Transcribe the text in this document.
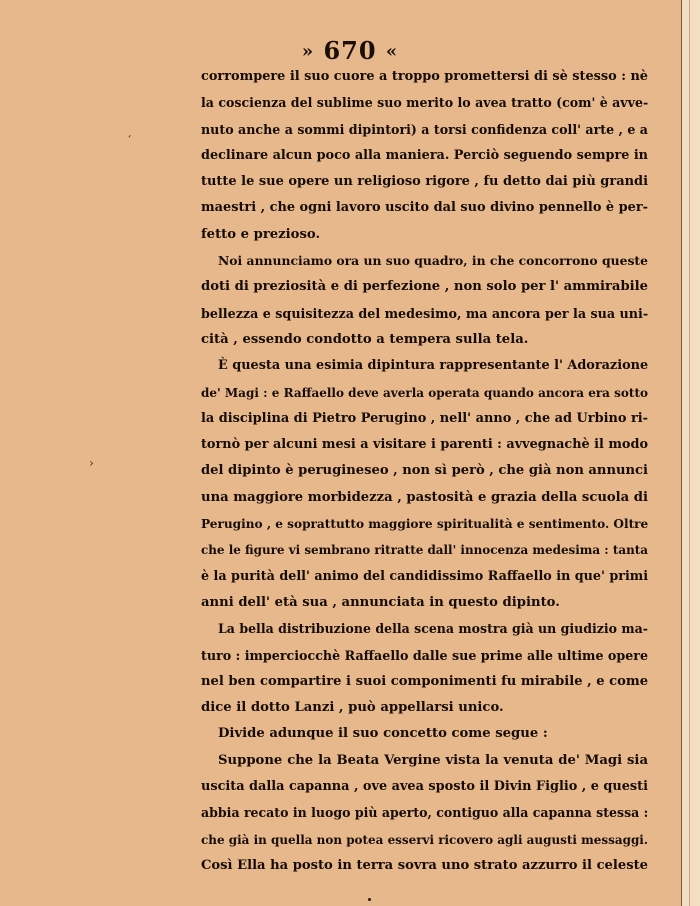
» 670 «
´
›
corrompere il suo cuore a troppo promettersi di sè stesso : nè
la coscienza del sublime suo merito lo avea tratto (com' è avve-
nuto anche a sommi dipintori) a torsi confidenza coll' arte , e a
declinare alcun poco alla maniera. Perciò seguendo sempre in
tutte le sue opere un religioso rigore , fu detto dai più grandi
maestri , che ogni lavoro uscito dal suo divino pennello è per-
fetto e prezioso.
Noi annunciamo ora un suo quadro, in che concorrono queste
doti di preziosità e di perfezione , non solo per l' ammirabile
bellezza e squisitezza del medesimo, ma ancora per la sua uni-
cità , essendo condotto a tempera sulla tela.
È questa una esimia dipintura rappresentante l' Adorazione
de' Magi : e Raffaello deve averla operata quando ancora era sotto
la disciplina di Pietro Perugino , nell' anno , che ad Urbino ri-
tornò per alcuni mesi a visitare i parenti : avvegnachè il modo
del dipinto è perugineseo , non sì però , che già non annunci
una maggiore morbidezza , pastosità e grazia della scuola di
Perugino , e soprattutto maggiore spiritualità e sentimento. Oltre
che le figure vi sembrano ritratte dall' innocenza medesima : tanta
è la purità dell' animo del candidissimo Raffaello in que' primi
anni dell' età sua , annunciata in questo dipinto.
La bella distribuzione della scena mostra già un giudizio ma-
turo : imperciocchè Raffaello dalle sue prime alle ultime opere
nel ben compartire i suoi componimenti fu mirabile , e come
dice il dotto Lanzi , può appellarsi unico.
Divide adunque il suo concetto come segue :
Suppone che la Beata Vergine vista la venuta de' Magi sia
uscita dalla capanna , ove avea sposto il Divin Figlio , e questi
abbia recato in luogo più aperto, contiguo alla capanna stessa :
che già in quella non potea esservi ricovero agli augusti messaggi.
Così Ella ha posto in terra sovra uno strato azzurro il celeste
